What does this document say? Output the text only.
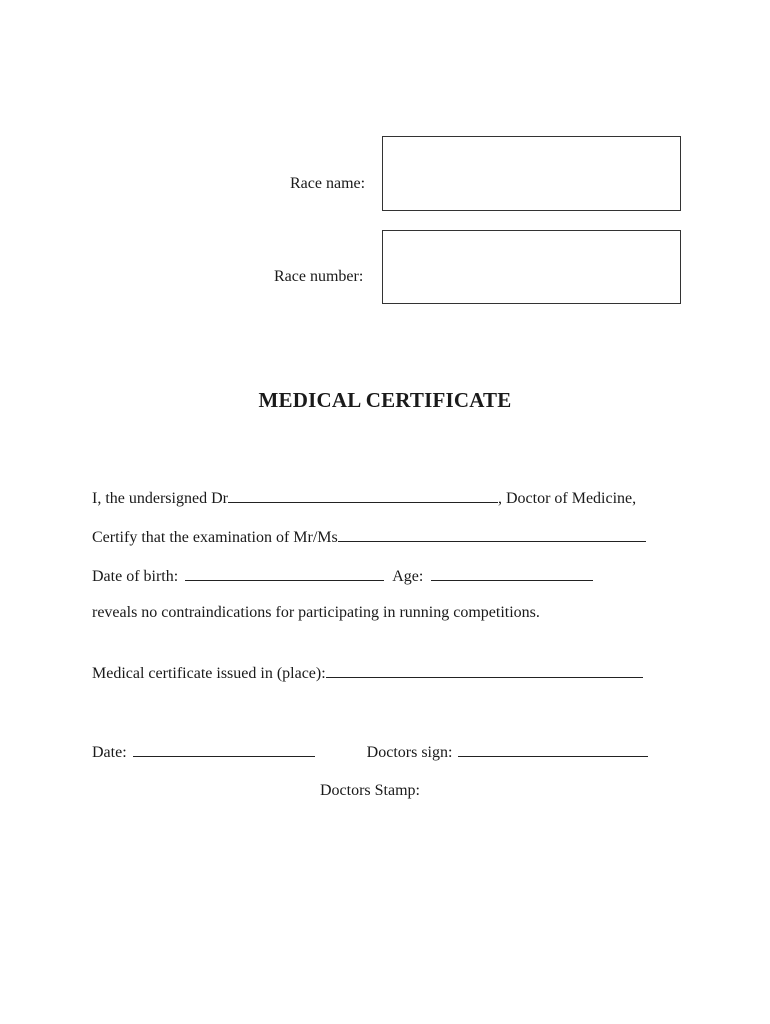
Race name:
Race number:
MEDICAL CERTIFICATE
I, the undersigned Dr	, Doctor of Medicine,
Certify that the examination of Mr/Ms
Date of birth:	Age:
reveals no contraindications for participating in running competitions.
Medical certificate issued in (place):
Date:	Doctors sign:
Doctors Stamp:
